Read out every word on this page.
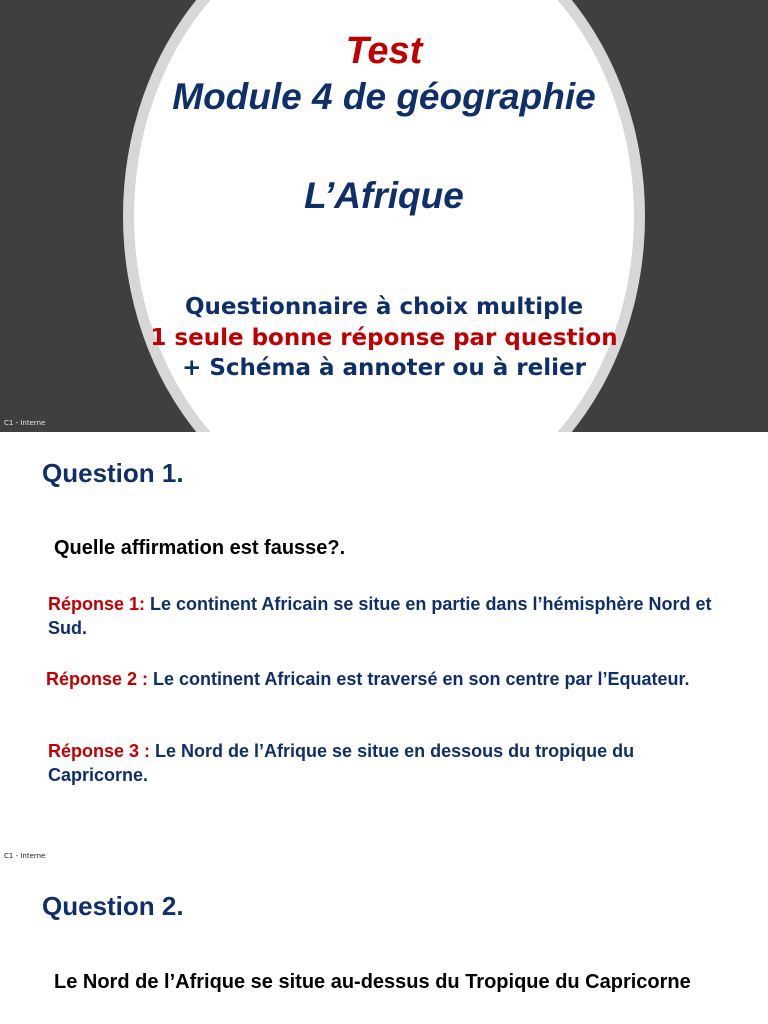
Test
Module 4 de géographie
L’Afrique
Questionnaire à choix multiple
1 seule bonne réponse par question
+ Schéma à annoter ou à relier
C1 - Interne
Question 1.
Quelle affirmation est fausse?.
Réponse 1: Le continent Africain se situe en partie dans l’hémisphère Nord et Sud.
Réponse 2 : Le continent Africain est traversé en son centre par l’Equateur.
Réponse 3 : Le Nord de l’Afrique se situe en dessous du tropique du Capricorne.
C1 - Interne
Question 2.
Le Nord de l’Afrique se situe au-dessus du Tropique du Capricorne
